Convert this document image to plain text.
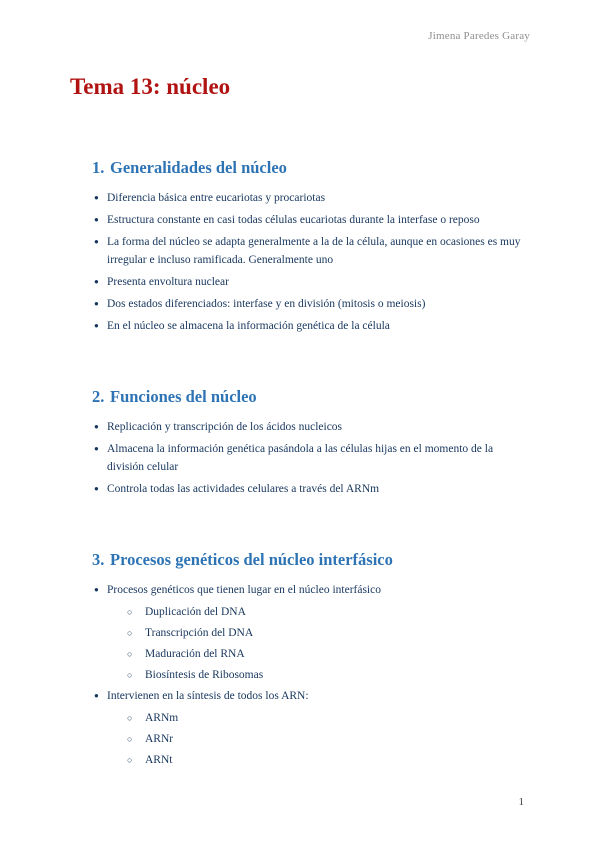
Jimena Paredes Garay
Tema 13: núcleo
1. Generalidades del núcleo
● Diferencia básica entre eucariotas y procariotas
● Estructura constante en casi todas células eucariotas durante la interfase o reposo
● La forma del núcleo se adapta generalmente a la de la célula, aunque en ocasiones es muy irregular e incluso ramificada. Generalmente uno
● Presenta envoltura nuclear
● Dos estados diferenciados: interfase y en división (mitosis o meiosis)
● En el núcleo se almacena la información genética de la célula
2. Funciones del núcleo
● Replicación y transcripción de los ácidos nucleicos
● Almacena la información genética pasándola a las células hijas en el momento de la división celular
● Controla todas las actividades celulares a través del ARNm
3. Procesos genéticos del núcleo interfásico
● Procesos genéticos que tienen lugar en el núcleo interfásico
○	Duplicación del DNA
○	Transcripción del DNA
○	Maduración del RNA
○	Biosíntesis de Ribosomas
● Intervienen en la síntesis de todos los ARN:
○	ARNm
○	ARNr
○	ARNt
1
